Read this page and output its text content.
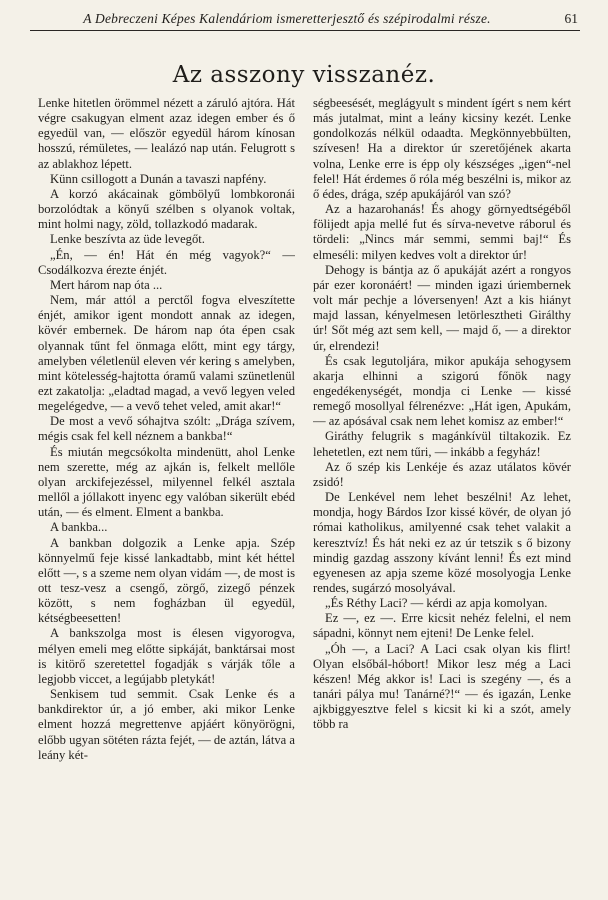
A Debreczeni Képes Kalendáriom ismeretterjesztő és szépirodalmi része.	61
Az asszony visszanéz.

Lenke hitetlen örömmel nézett a záruló ajtóra. Hát végre csakugyan elment azaz idegen ember és ő egyedül van, — először egyedül három kínosan hosszú, rémületes, — lealázó nap után. Felugrott s az ablakhoz lépett.

Künn csillogott a Dunán a tavaszi napfény.

A korzó akácainak gömbölyű lombkoronái borzolódtak a könyű szélben s olyanok voltak, mint holmi nagy, zöld, tollazkodó madarak.

Lenke beszívta az üde levegőt.

„Én, — én! Hát én még vagyok?“ — Csodálkozva érezte énjét.

Mert három nap óta ...

Nem, már attól a perctől fogva elveszítette énjét, amikor igent mondott annak az idegen, kövér embernek. De három nap óta épen csak olyannak tűnt fel önmaga előtt, mint egy tárgy, amelyben véletlenül eleven vér kering s amelyben, mint kötelesség-hajtotta óramű valami szünetlenül ezt zakatolja: „eladtad magad, a vevő legyen veled megelégedve, — a vevő tehet veled, amit akar!“

De most a vevő sóhajtva szólt: „Drága szívem, mégis csak fel kell néznem a bankba!“

És miután megcsókolta mindenütt, ahol Lenke nem szerette, még az ajkán is, felkelt mellőle olyan arckifejezéssel, milyennel felkél asztala mellől a jóllakott inyenc egy valóban sikerült ebéd után, — és elment. Elment a bankba.

A bankba...

A bankban dolgozik a Lenke apja. Szép könnyelmű feje kissé lankadtabb, mint két héttel előtt —, s a szeme nem olyan vidám —, de most is ott tesz-vesz a csengő, zörgő, zizegő pénzek között, s nem fogházban ül egyedül, kétségbeesetten!

A bankszolga most is élesen vigyorogva, mélyen emeli meg előtte sipkáját, banktársai most is kitörő szeretettel fogadják s várják tőle a legjobb viccet, a legújabb pletykát!

Senkisem tud semmit. Csak Lenke és a bankdirektor úr, a jó ember, aki mikor Lenke elment hozzá megrettenve apjáért könyörögni, előbb ugyan sötéten rázta fejét, — de aztán, látva a leány két-

ségbeesését, meglágyult s mindent ígért s nem kért más jutalmat, mint a leány kicsiny kezét. Lenke gondolkozás nélkül odaadta. Megkönnyebbülten, szívesen! Ha a direktor úr szeretőjének akarta volna, Lenke erre is épp oly készséges „igen“-nel felel! Hát érdemes ő róla még beszélni is, mikor az ő édes, drága, szép apukájáról van szó?

Az a hazarohanás! És ahogy görnyedtségéből fölijedt apja mellé fut és sírva-nevetve ráborul és tördeli: „Nincs már semmi, semmi baj!“ És elmeséli: milyen kedves volt a direktor úr!

Dehogy is bántja az ő apukáját azért a rongyos pár ezer koronáért! — minden igazi úriembernek volt már pechje a lóversenyen! Azt a kis hiányt majd lassan, kényelmesen letörlesztheti Girálthy úr! Sőt még azt sem kell, — majd ő, — a direktor úr, elrendezi!

És csak legutoljára, mikor apukája sehogysem akarja elhinni a szigorú főnök nagy engedékenységét, mondja ci Lenke — kissé remegő mosollyal félrenézve: „Hát igen, Apukám, — az apósával csak nem lehet komisz az ember!“

Giráthy felugrik s magánkívül tiltakozik. Ez lehetetlen, ezt nem tűri, — inkább a fegyház!

Az ő szép kis Lenkéje és azaz utálatos kövér zsidó!

De Lenkével nem lehet beszélni! Az lehet, mondja, hogy Bárdos Izor kissé kövér, de olyan jó római katholikus, amilyenné csak tehet valakit a keresztvíz! És hát neki ez az úr tetszik s ő bizony mindig gazdag asszony kívánt lenni! És ezt mind egyenesen az apja szeme közé mosolyogja Lenke rendes, sugárzó mosolyával.

„És Réthy Laci? — kérdi az apja komolyan.

Ez —, ez —. Erre kicsit nehéz felelni, el nem sápadni, könnyt nem ejteni! De Lenke felel.

„Óh —, a Laci? A Laci csak olyan kis flirt! Olyan elsőbál-hóbort! Mikor lesz még a Laci készen! Még akkor is! Laci is szegény —, és a tanári pálya mu! Tanárné?!“ — és igazán, Lenke ajkbiggyesztve felel s kicsit ki ki a szót, amely több ra
